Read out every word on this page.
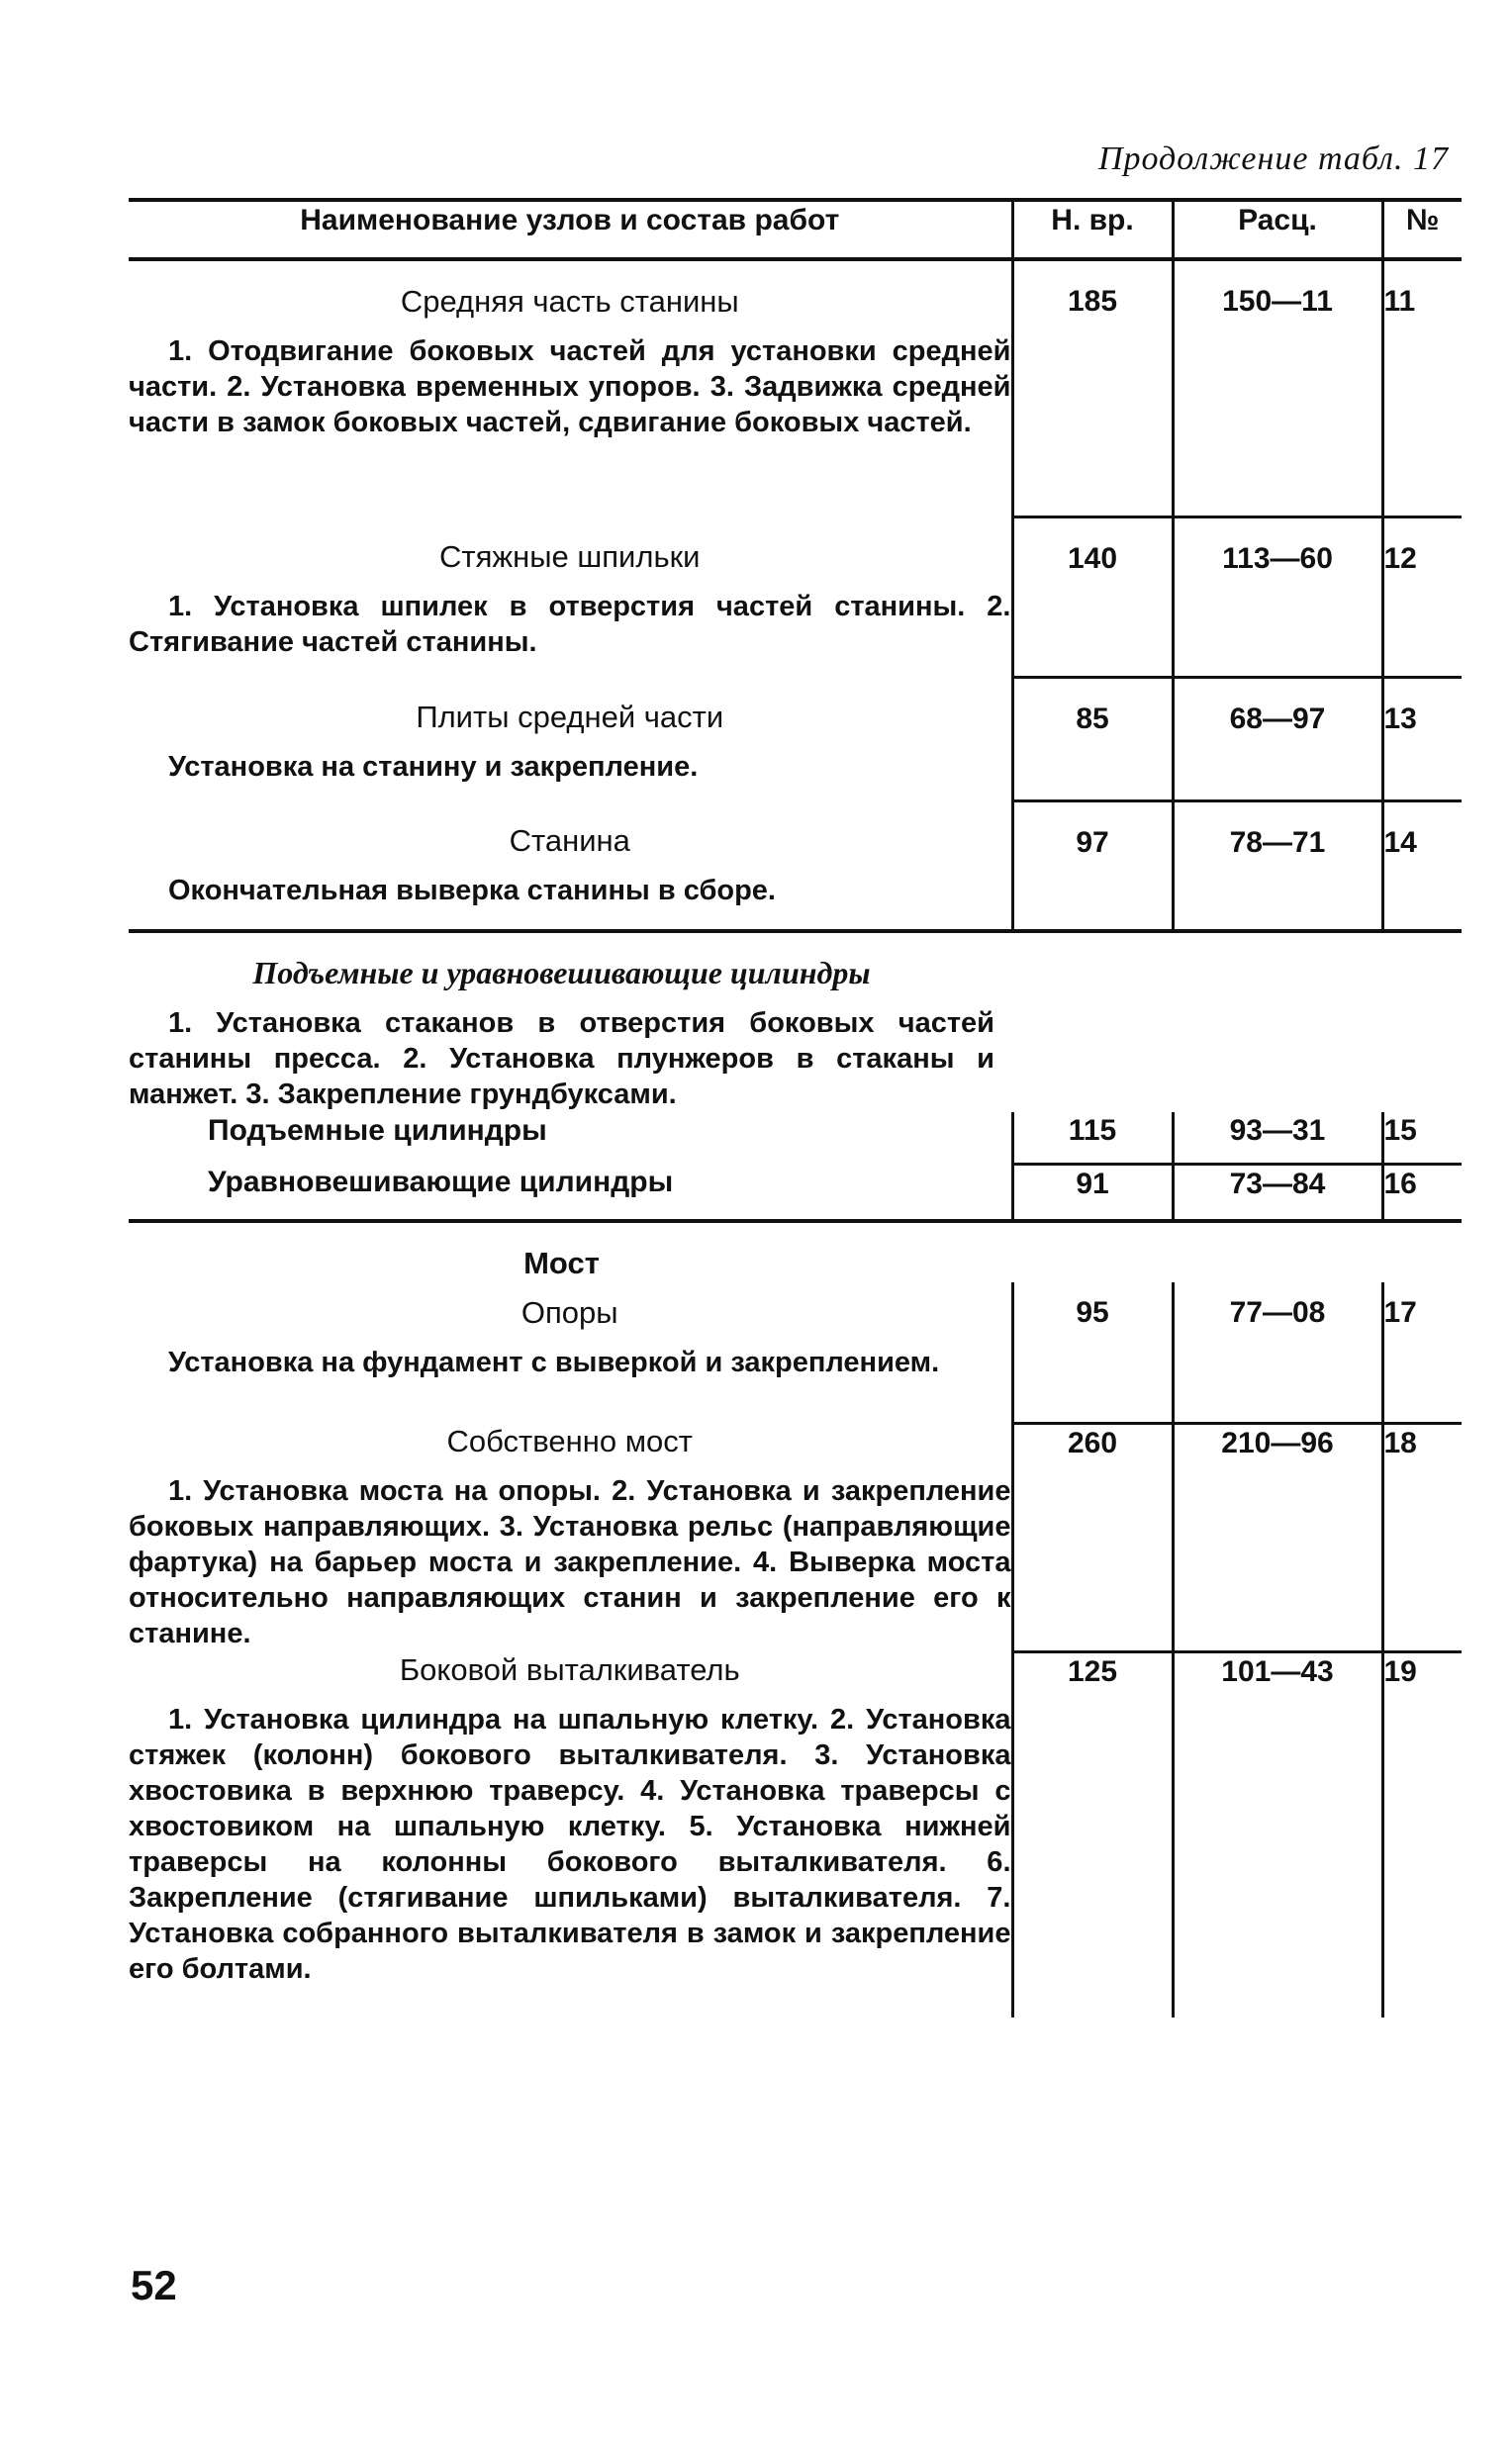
Продолжение табл. 17
Наименование узлов и состав работ	Н. вр.	Расц.	№

Средняя часть станины
1. Отодвигание боковых частей для установки средней части. 2. Установка временных упоров. 3. Задвижка средней части в замок боковых частей, сдвигание боковых частей.	185	150—11	11

Стяжные шпильки
1. Установка шпилек в отверстия частей станины. 2. Стягивание частей станины.	140	113—60	12

Плиты средней части
Установка на станину и закрепление.	85	68—97	13

Станина
Окончательная выверка станины в сборе.	97	78—71	14

Подъемные и уравновешивающие цилиндры
1. Установка стаканов в отверстия боковых частей станины пресса. 2. Установка плунжеров в стаканы и манжет. 3. Закрепление грундбуксами.			

Подъемные цилиндры	115	93—31	15

Уравновешивающие цилиндры	91	73—84	16

Мост			

Опоры
Установка на фундамент с выверкой и закреплением.	95	77—08	17

Собственно мост
1. Установка моста на опоры. 2. Установка и закрепление боковых направляющих. 3. Установка рельс (направляющие фартука) на барьер моста и закрепление. 4. Выверка моста относительно направляющих станин и закрепление его к станине.	260	210—96	18

Боковой выталкиватель
1. Установка цилиндра на шпальную клетку. 2. Установка стяжек (колонн) бокового выталкивателя. 3. Установка хвостовика в верхнюю траверсу. 4. Установка траверсы с хвостовиком на шпальную клетку. 5. Установка нижней траверсы на колонны бокового выталкивателя. 6. Закрепление (стягивание шпильками) выталкивателя. 7. Установка собранного выталкивателя в замок и закрепление его болтами.	125	101—43	19
52
